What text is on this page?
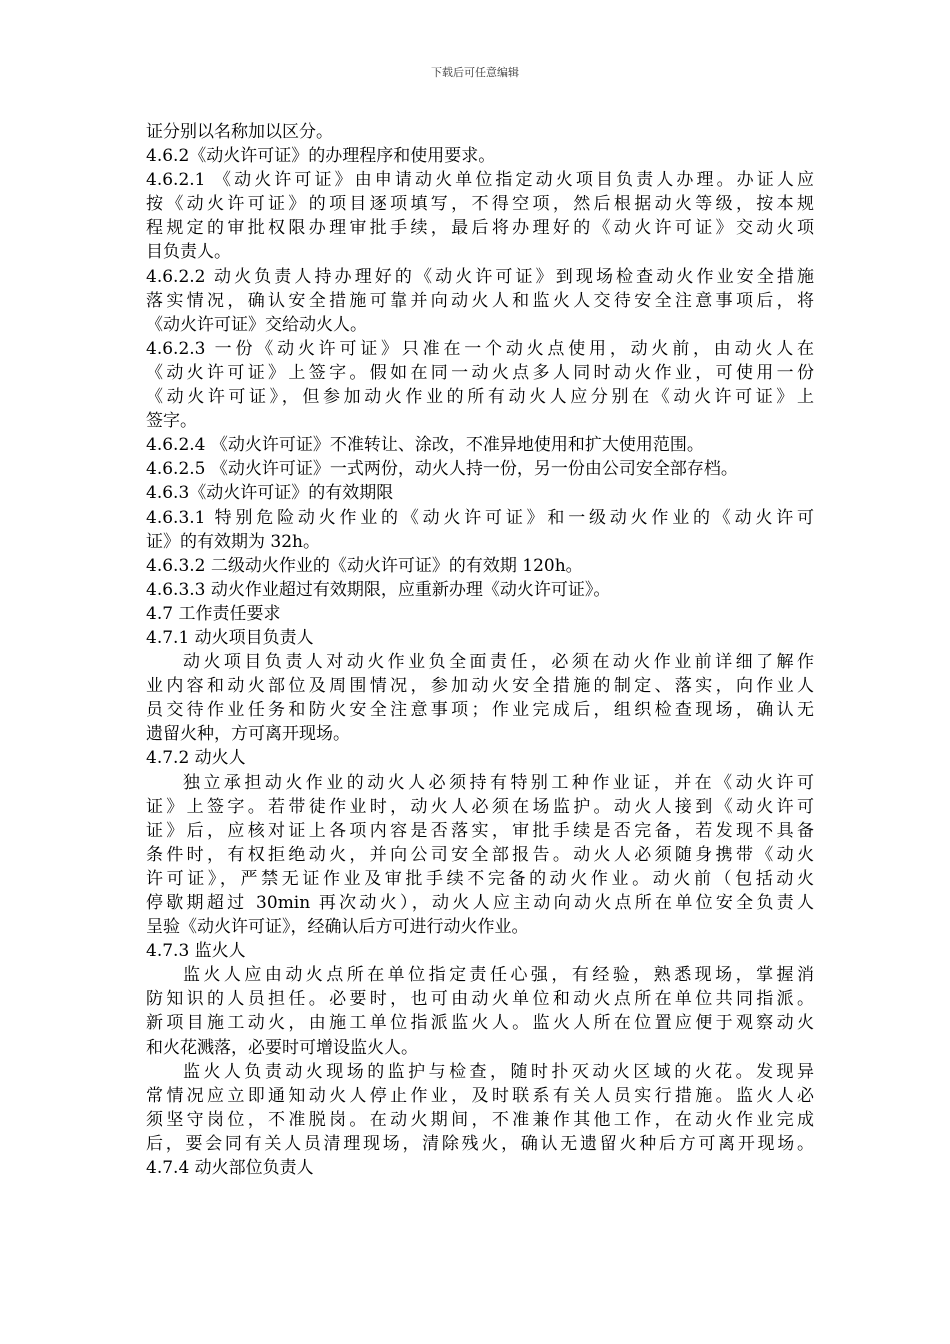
下载后可任意编辑
证分别以名称加以区分。
4.6.2《动火许可证》的办理程序和使用要求。
4.6.2.1 《动火许可证》由申请动火单位指定动火项目负责人办理。办证人应
按《动火许可证》的项目逐项填写，不得空项，然后根据动火等级，按本规
程规定的审批权限办理审批手续，最后将办理好的《动火许可证》交动火项
目负责人。
4.6.2.2 动火负责人持办理好的《动火许可证》到现场检查动火作业安全措施
落实情况，确认安全措施可靠并向动火人和监火人交待安全注意事项后，将
《动火许可证》交给动火人。
4.6.2.3 一份《动火许可证》只准在一个动火点使用，动火前，由动火人在
《动火许可证》上签字。假如在同一动火点多人同时动火作业，可使用一份
《动火许可证》，但参加动火作业的所有动火人应分别在《动火许可证》上
签字。
4.6.2.4 《动火许可证》不准转让、涂改，不准异地使用和扩大使用范围。
4.6.2.5 《动火许可证》一式两份，动火人持一份，另一份由公司安全部存档。
4.6.3《动火许可证》的有效期限
4.6.3.1 特别危险动火作业的《动火许可证》和一级动火作业的《动火许可
证》的有效期为 32h。
4.6.3.2 二级动火作业的《动火许可证》的有效期 120h。
4.6.3.3 动火作业超过有效期限，应重新办理《动火许可证》。
4.7 工作责任要求
4.7.1 动火项目负责人
动火项目负责人对动火作业负全面责任，必须在动火作业前详细了解作
业内容和动火部位及周围情况，参加动火安全措施的制定、落实，向作业人
员交待作业任务和防火安全注意事项；作业完成后，组织检查现场，确认无
遗留火种，方可离开现场。
4.7.2 动火人
独立承担动火作业的动火人必须持有特别工种作业证，并在《动火许可
证》上签字。若带徒作业时，动火人必须在场监护。动火人接到《动火许可
证》后，应核对证上各项内容是否落实，审批手续是否完备，若发现不具备
条件时，有权拒绝动火，并向公司安全部报告。动火人必须随身携带《动火
许可证》，严禁无证作业及审批手续不完备的动火作业。动火前（包括动火
停歇期超过 30min 再次动火），动火人应主动向动火点所在单位安全负责人
呈验《动火许可证》，经确认后方可进行动火作业。
4.7.3 监火人
监火人应由动火点所在单位指定责任心强，有经验，熟悉现场，掌握消
防知识的人员担任。必要时，也可由动火单位和动火点所在单位共同指派。
新项目施工动火，由施工单位指派监火人。监火人所在位置应便于观察动火
和火花溅落，必要时可增设监火人。
监火人负责动火现场的监护与检查，随时扑灭动火区域的火花。发现异
常情况应立即通知动火人停止作业，及时联系有关人员实行措施。监火人必
须坚守岗位，不准脱岗。在动火期间，不准兼作其他工作，在动火作业完成
后，要会同有关人员清理现场，清除残火，确认无遗留火种后方可离开现场。
4.7.4 动火部位负责人
